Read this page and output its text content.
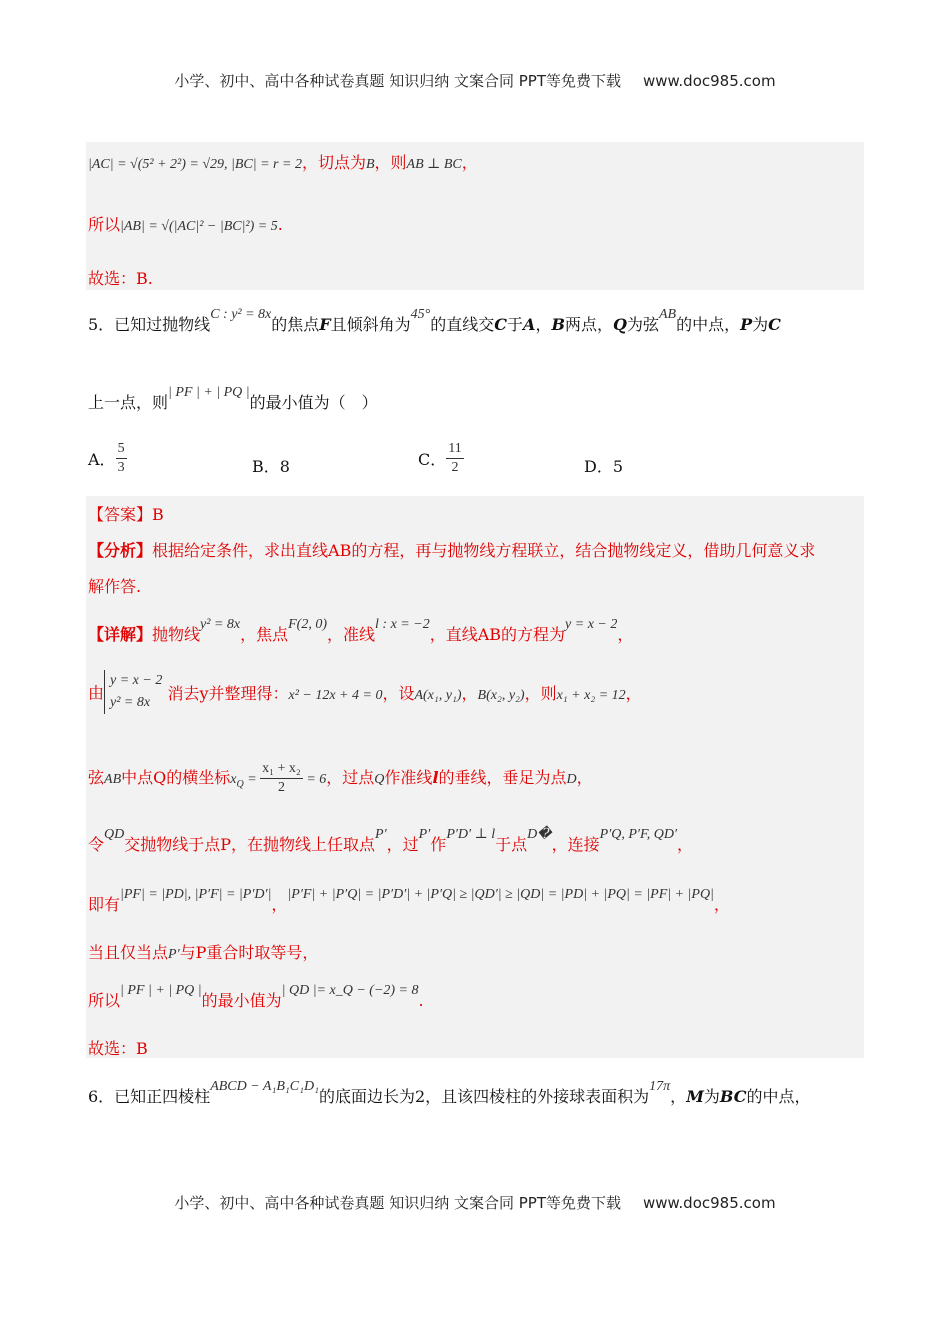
小学、初中、高中各种试卷真题 知识归纳 文案合同 PPT等免费下载 www.doc985.com
|AC| = √(5² + 2²) = √29, |BC| = r = 2，切点为B，则AB ⊥ BC，
所以|AB| = √(|AC|² − |BC|²) = 5.
故选：B.
5．已知过抛物线C : y² = 8x的焦点F且倾斜角为45°的直线交C于A，B两点，Q为弦AB的中点，P为C
上一点，则| PF | + | PQ |的最小值为（　）
A． $\frac{5}{3}$	B．8	C． $\frac{11}{2}$	D．5
【答案】B
【分析】根据给定条件，求出直线AB的方程，再与抛物线方程联立，结合抛物线定义，借助几何意义求
解作答.
【详解】抛物线y² = 8x，焦点F(2, 0)，准线l : x = −2，直线AB的方程为y = x − 2，
由
y = x − 2
y² = 8x	消去y并整理得：x² − 12x + 4 = 0，设A(x₁, y₁)，B(x₂, y₂)，则x₁ + x₂ = 12，
弦AB中点Q的横坐标$x_Q = \frac{\text{x₁ + x₂}}{2} = 6$，过点Q作准线l的垂线，垂足为点D，
令QD交抛物线于点P，在抛物线上任取点P′，过P′作P′D′ ⊥ l于点D�，连接P′Q, P′F, QD′，
即有|PF| = |PD|, |P′F| = |P′D′|，|P′F| + |P′Q| = |P′D′| + |P′Q| ≥ |QD′| ≥ |QD| = |PD| + |PQ| = |PF| + |PQ|，
当且仅当点P′与P重合时取等号，
所以| PF | + | PQ |的最小值为| QD |= x_Q − (−2) = 8.
故选：B
6．已知正四棱柱ABCD − A₁B₁C₁D₁的底面边长为2，且该四棱柱的外接球表面积为17π，M为BC的中点，
小学、初中、高中各种试卷真题 知识归纳 文案合同 PPT等免费下载 www.doc985.com
